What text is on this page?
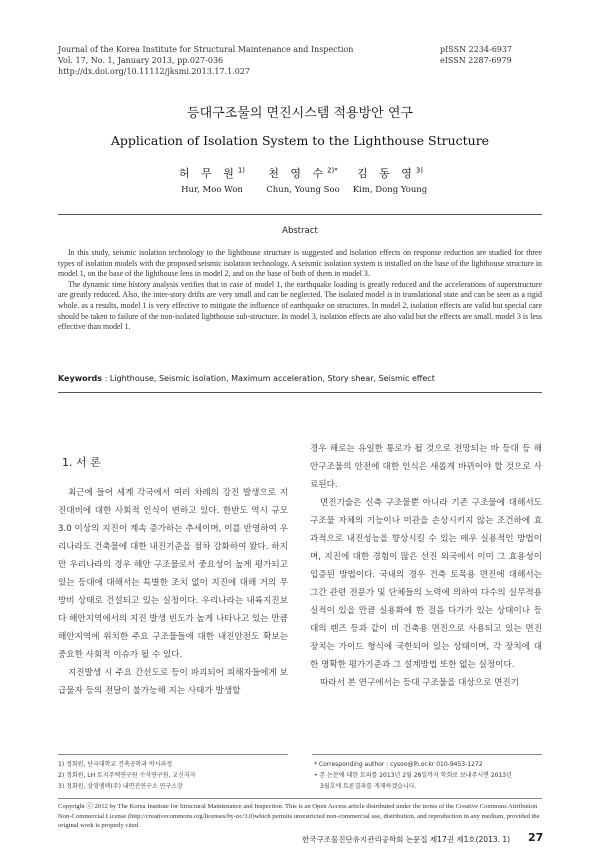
Journal of the Korea Institute for Structural Maintenance and Inspection
Vol. 17, No. 1, January 2013, pp.027-036
http://dx.doi.org/10.11112/jksmi.2013.17.1.027
pISSN 2234-6937
eISSN 2287-6979
등대구조물의 면진시스템 적용방안 연구
Application of Isolation System to the Lighthouse Structure
허 무 원$^{1)}$
Hur, Moo Won
천 영 수$^{2)*}$
Chun, Young Soo
김 동 영$^{3)}$
Kim, Dong Young
Abstract

In this study, seismic isolation technology to the lighthouse structure is suggested and isolation effects on response reduction are studied for three types of isolation models with the proposed seismic isolation technology. A seismic isolation system is installed on the base of the lighthouse structure in model 1, on the base of the lighthouse lens in model 2, and on the base of both of them in model 3.

The dynamic time history analysis verifies that in case of model 1, the earthquake loading is greatly reduced and the accelerations of superstructure are greatly reduced. Also, the inter-story drifts are very small and can be neglected. The isolated model is in translational state and can be seen as a rigid whole. as a results, model 1 is very effective to mitigate the influence of earthquake on structures. In model 2, isolation effects are valid but special care should be taken to failure of the non-isolated lighthouse sub-structure. In model 3, isolation effects are also valid but the effects are small. model 3 is less effective than model 1.

Keywords : Lighthouse, Seismic isolation, Maximum acceleration, Story shear, Seismic effect
1. 서 론

최근에 들어 세계 각국에서 여러 차례의 강진 발생으로 지진대비에 대한 사회적 인식이 변하고 있다. 한반도 역시 규모 3.0 이상의 지진이 계속 증가하는 추세이며, 이를 반영하여 우리나라도 건축물에 대한 내진기준을 점차 강화하여 왔다. 하지만 우리나라의 경우 해안 구조물로서 중요성이 높게 평가되고 있는 등대에 대해서는 특별한 조치 없이 지진에 대해 거의 무방비 상태로 건설되고 있는 실정이다. 우리나라는 내륙지진보다 해안지역에서의 지진 발생 빈도가 높게 나타나고 있는 만큼 해안지역에 위치한 주요 구조물들에 대한 내진안전도 확보는 중요한 사회적 이슈가 될 수 있다.

지진발생 시 주요 간선도로 등이 파괴되어 피해자들에게 보급물자 등의 전달이 불가능해 지는 사태가 발생할

경우 해로는 유일한 통로가 될 것으로 전망되는 바 등대 등 해안구조물의 안전에 대한 인식은 새롭게 바뀌어야 할 것으로 사료된다.

면진기술은 신축 구조물뿐 아니라 기존 구조물에 대해서도 구조물 자체의 기능이나 미관을 손상시키지 않는 조건하에 효과적으로 내진성능을 향상시킬 수 있는 매우 실용적인 방법이며, 지진에 대한 경험이 많은 선진 외국에서 이미 그 효용성이 입증된 방법이다. 국내의 경우 건축 토목용 면진에 대해서는 그간 관련 전문가 및 단체들의 노력에 의하여 다수의 실무적용 실적이 있을 만큼 실용화에 한 걸음 다가가 있는 상태이나 등대의 렌즈 등과 같이 비 건축용 면진으로 사용되고 있는 면진장치는 가이드 형식에 국한되어 있는 상태이며, 각 장치에 대한 명확한 평가기준과 그 설계방법 또한 없는 실정이다.

따라서 본 연구에서는 등대 구조물을 대상으로 면진기

1) 정회원, 단국대학교 건축공학과 박사과정
2) 정회원, LH 토지주택연구원 수석연구원, 교신저자
3) 정회원, 삼영엠텍(주) 내면진연구소 연구소장
* Corresponding author : cysoo@lh.or.kr 010-9453-1272
• 본 논문에 대한 토의를 2013년 2월 28일까지 학회로 보내주시면 2013년
3월호에 토론결과를 게재하겠습니다.
Copyright ⓒ 2012 by The Korea Institute for Structural Maintenance and Inspection. This is an Open Access article distributed under the terms of the Creative Commons Attribution Non-Commercial License (http://creativecommons.org/licenses/by-nc/3.0)which permits unrestricted non-commercial use, distribution, and reproduction in any medium, provided the original work is properly cited.
한국구조물진단유지관리공학회 논문집 제17권 제1호(2013. 1) 27
